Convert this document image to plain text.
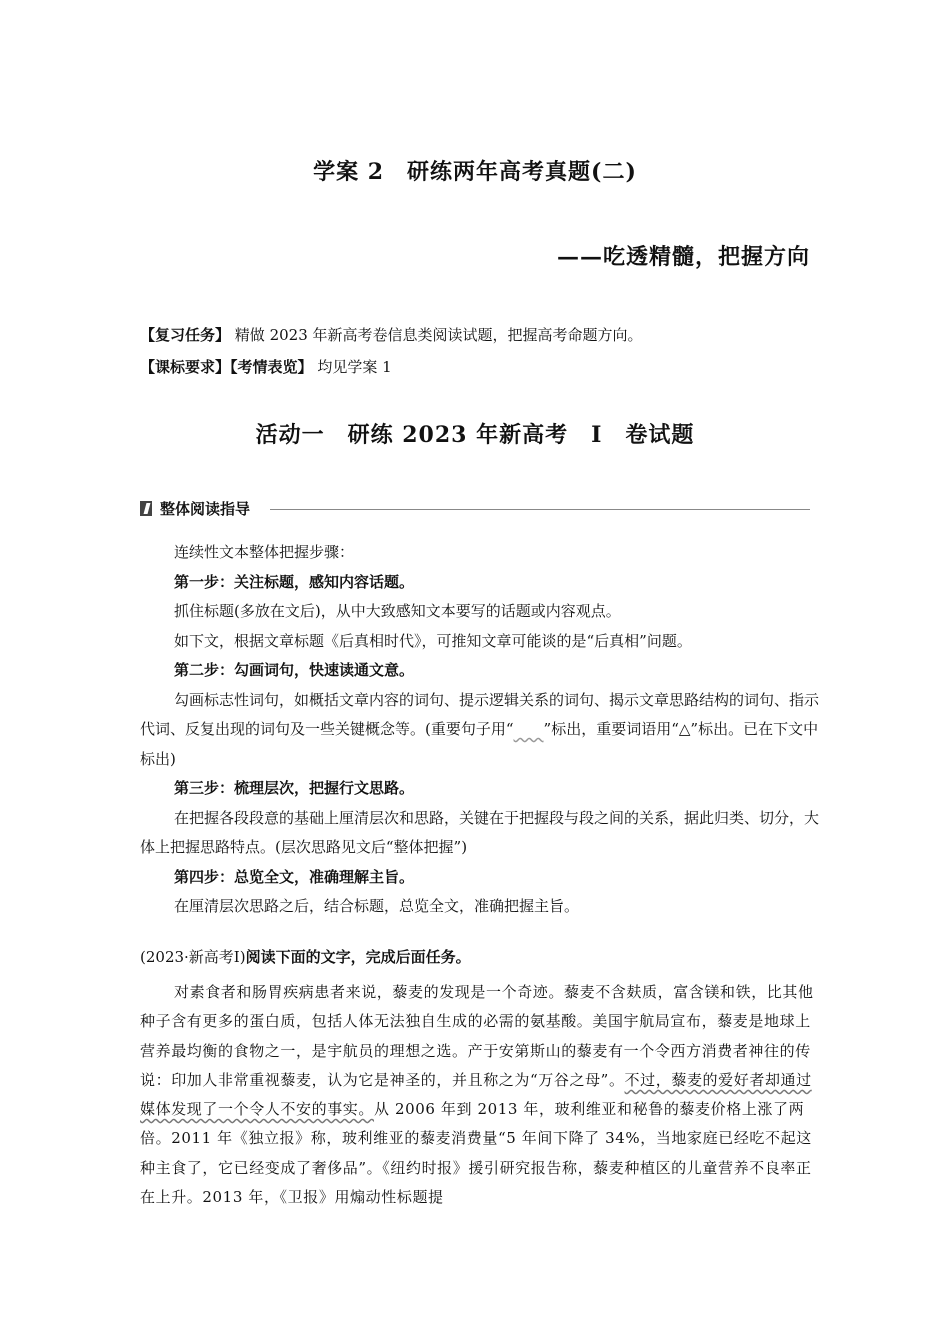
学案 2　研练两年高考真题(二)
——吃透精髓，把握方向
【复习任务】 精做 2023 年新高考卷信息类阅读试题，把握高考命题方向。
【课标要求】【考情表览】 均见学案 1
活动一　研练 2023 年新高考　Ⅰ　卷试题
整体阅读指导

连续性文本整体把握步骤：

第一步：关注标题，感知内容话题。

抓住标题(多放在文后)，从中大致感知文本要写的话题或内容观点。

如下文，根据文章标题《后真相时代》，可推知文章可能谈的是“后真相”问题。

第二步：勾画词句，快速读通文意。

勾画标志性词句，如概括文章内容的词句、提示逻辑关系的词句、揭示文章思路结构的词句、指示代词、反复出现的词句及一些关键概念等。(重要句子用“____”标出，重要词语用“△”标出。已在下文中标出)

第三步：梳理层次，把握行文思路。

在把握各段段意的基础上厘清层次和思路，关键在于把握段与段之间的关系，据此归类、切分，大体上把握思路特点。(层次思路见文后“整体把握”)

第四步：总览全文，准确理解主旨。

在厘清层次思路之后，结合标题，总览全文，准确把握主旨。

(2023·新高考Ⅰ)阅读下面的文字，完成后面任务。

对素食者和肠胃疾病患者来说，藜麦的发现是一个奇迹。藜麦不含麸质，富含镁和铁，比其他种子含有更多的蛋白质，包括人体无法独自生成的必需的氨基酸。美国宇航局宣布，藜麦是地球上营养最均衡的食物之一，是宇航员的理想之选。产于安第斯山的藜麦有一个令西方消费者神往的传说：印加人非常重视藜麦，认为它是神圣的，并且称之为“万谷之母”。不过，藜麦的爱好者却通过媒体发现了一个令人不安的事实。从 2006 年到 2013 年，玻利维亚和秘鲁的藜麦价格上涨了两倍。2011 年《独立报》称，玻利维亚的藜麦消费量“5 年间下降了 34%，当地家庭已经吃不起这种主食了，它已经变成了奢侈品”。《纽约时报》援引研究报告称，藜麦种植区的儿童营养不良率正在上升。2013 年，《卫报》用煽动性标题提
